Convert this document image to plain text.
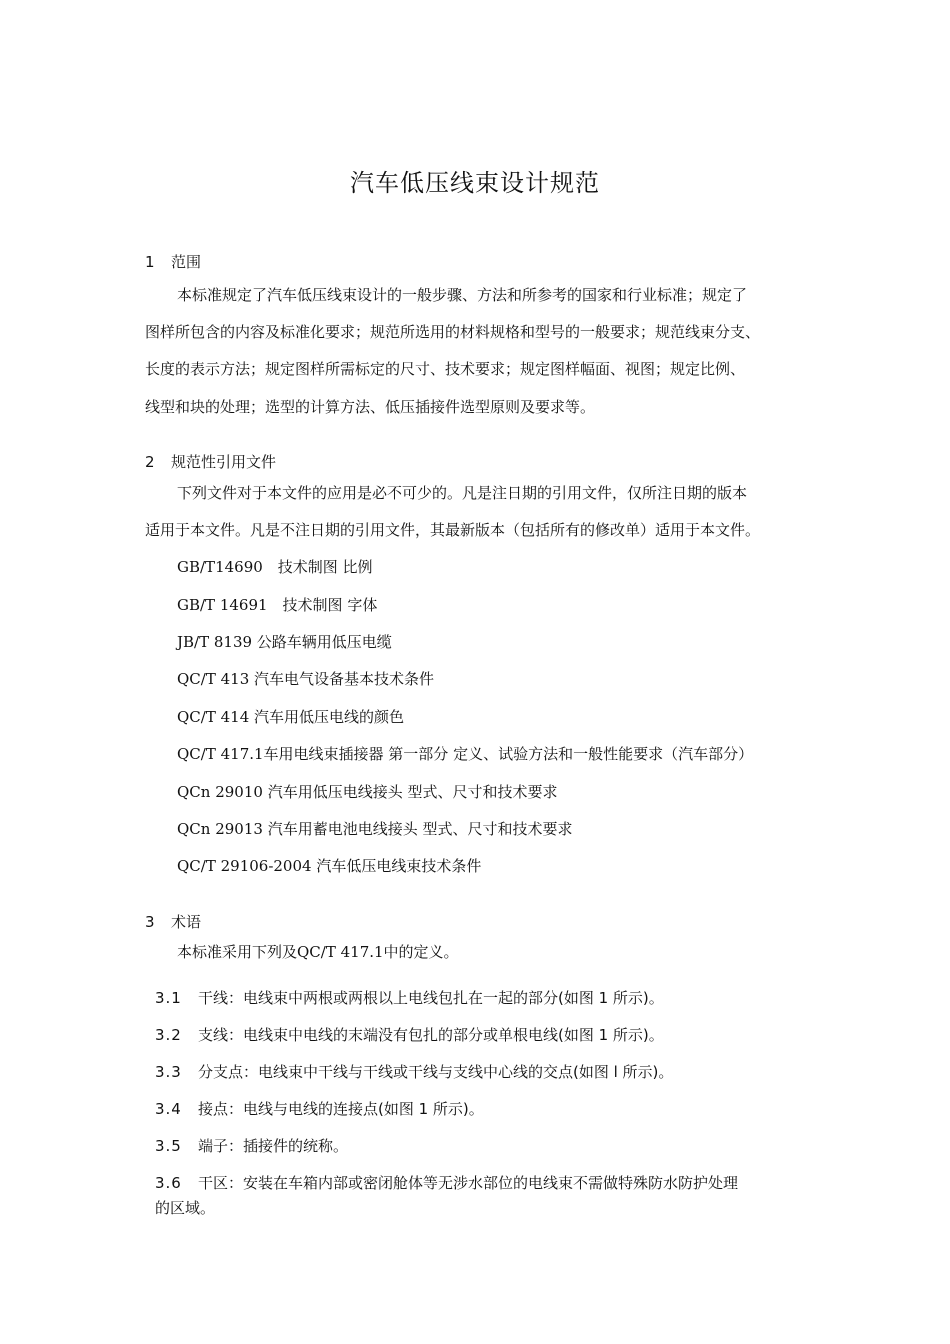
汽车低压线束设计规范
1 范围
本标准规定了汽车低压线束设计的一般步骤、方法和所参考的国家和行业标准；规定了
图样所包含的内容及标准化要求；规范所选用的材料规格和型号的一般要求；规范线束分支、
长度的表示方法；规定图样所需标定的尺寸、技术要求；规定图样幅面、视图；规定比例、
线型和块的处理；选型的计算方法、低压插接件选型原则及要求等。
2 规范性引用文件
下列文件对于本文件的应用是必不可少的。凡是注日期的引用文件，仅所注日期的版本
适用于本文件。凡是不注日期的引用文件，其最新版本（包括所有的修改单）适用于本文件。
GB/T14690　技术制图 比例
GB/T 14691　技术制图 字体
JB/T 8139 公路车辆用低压电缆
QC/T 413 汽车电气设备基本技术条件
QC/T 414 汽车用低压电线的颜色
QC/T 417.1车用电线束插接器 第一部分 定义、试验方法和一般性能要求（汽车部分）
QCn 29010 汽车用低压电线接头 型式、尺寸和技术要求
QCn 29013 汽车用蓄电池电线接头 型式、尺寸和技术要求
QC/T 29106-2004 汽车低压电线束技术条件
3 术语
本标准采用下列及QC/T 417.1中的定义。
3.1 干线：电线束中两根或两根以上电线包扎在一起的部分(如图 1 所示)。
3.2 支线：电线束中电线的末端没有包扎的部分或单根电线(如图 1 所示)。
3.3 分支点：电线束中干线与干线或干线与支线中心线的交点(如图 l 所示)。
3.4 接点：电线与电线的连接点(如图 1 所示)。
3.5 端子：插接件的统称。
3.6 干区：安装在车箱内部或密闭舱体等无涉水部位的电线束不需做特殊防水防护处理
的区域。
